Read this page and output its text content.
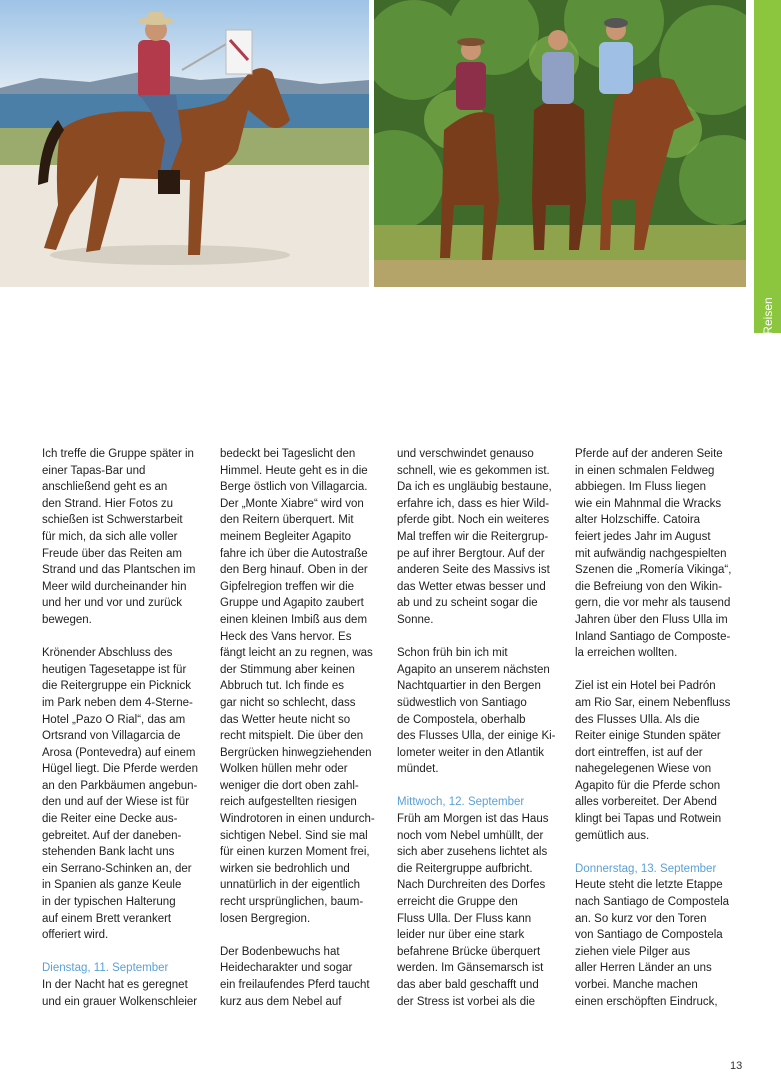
Reisen

Ich treffe die Gruppe später in
einer Tapas-Bar und
anschließend geht es an
den Strand. Hier Fotos zu
schießen ist Schwerstarbeit
für mich, da sich alle voller
Freude über das Reiten am
Strand und das Plantschen im
Meer wild durcheinander hin
und her und vor und zurück
bewegen.

Krönender Abschluss des
heutigen Tagesetappe ist für
die Reitergruppe ein Picknick
im Park neben dem 4-Sterne-
Hotel „Pazo O Rial“, das am
Ortsrand von Villagarcia de
Arosa (Pontevedra) auf einem
Hügel liegt. Die Pferde werden
an den Parkbäumen angebun-
den und auf der Wiese ist für
die Reiter eine Decke aus-
gebreitet. Auf der daneben-
stehenden Bank lacht uns
ein Serrano-Schinken an, der
in Spanien als ganze Keule
in der typischen Halterung
auf einem Brett verankert
offeriert wird.

Dienstag, 11. September
In der Nacht hat es geregnet
und ein grauer Wolkenschleier

bedeckt bei Tageslicht den
Himmel. Heute geht es in die
Berge östlich von Villagarcia.
Der „Monte Xiabre“ wird von
den Reitern überquert. Mit
meinem Begleiter Agapito
fahre ich über die Autostraße
den Berg hinauf. Oben in der
Gipfelregion treffen wir die
Gruppe und Agapito zaubert
einen kleinen Imbiß aus dem
Heck des Vans hervor. Es
fängt leicht an zu regnen, was
der Stimmung aber keinen
Abbruch tut. Ich finde es
gar nicht so schlecht, dass
das Wetter heute nicht so
recht mitspielt. Die über den
Bergrücken hinwegziehenden
Wolken hüllen mehr oder
weniger die dort oben zahl-
reich aufgestellten riesigen
Windrotoren in einen undurch-
sichtigen Nebel. Sind sie mal
für einen kurzen Moment frei,
wirken sie bedrohlich und
unnatürlich in der eigentlich
recht ursprünglichen, baum-
losen Bergregion.

Der Bodenbewuchs hat
Heidecharakter und sogar
ein freilaufendes Pferd taucht
kurz aus dem Nebel auf

und verschwindet genauso
schnell, wie es gekommen ist.
Da ich es ungläubig bestaune,
erfahre ich, dass es hier Wild-
pferde gibt. Noch ein weiteres
Mal treffen wir die Reitergrup-
pe auf ihrer Bergtour. Auf der
anderen Seite des Massivs ist
das Wetter etwas besser und
ab und zu scheint sogar die
Sonne.

Schon früh bin ich mit
Agapito an unserem nächsten
Nachtquartier in den Bergen
südwestlich von Santiago
de Compostela, oberhalb
des Flusses Ulla, der einige Ki-
lometer weiter in den Atlantik
mündet.

Mittwoch, 12. September
Früh am Morgen ist das Haus
noch vom Nebel umhüllt, der
sich aber zusehens lichtet als
die Reitergruppe aufbricht.
Nach Durchreiten des Dorfes
erreicht die Gruppe den
Fluss Ulla. Der Fluss kann
leider nur über eine stark
befahrene Brücke überquert
werden. Im Gänsemarsch ist
das aber bald geschafft und
der Stress ist vorbei als die

Pferde auf der anderen Seite
in einen schmalen Feldweg
abbiegen. Im Fluss liegen
wie ein Mahnmal die Wracks
alter Holzschiffe. Catoira
feiert jedes Jahr im August
mit aufwändig nachgespielten
Szenen die „Romería Vikinga“,
die Befreiung von den Wikin-
gern, die vor mehr als tausend
Jahren über den Fluss Ulla im
Inland Santiago de Composte-
la erreichen wollten.

Ziel ist ein Hotel bei Padrón
am Rio Sar, einem Nebenfluss
des Flusses Ulla. Als die
Reiter einige Stunden später
dort eintreffen, ist auf der
nahegelegenen Wiese von
Agapito für die Pferde schon
alles vorbereitet. Der Abend
klingt bei Tapas und Rotwein
gemütlich aus.

Donnerstag, 13. September
Heute steht die letzte Etappe
nach Santiago de Compostela
an. So kurz vor den Toren
von Santiago de Compostela
ziehen viele Pilger aus
aller Herren Länder an uns
vorbei. Manche machen
einen erschöpften Eindruck,

13
